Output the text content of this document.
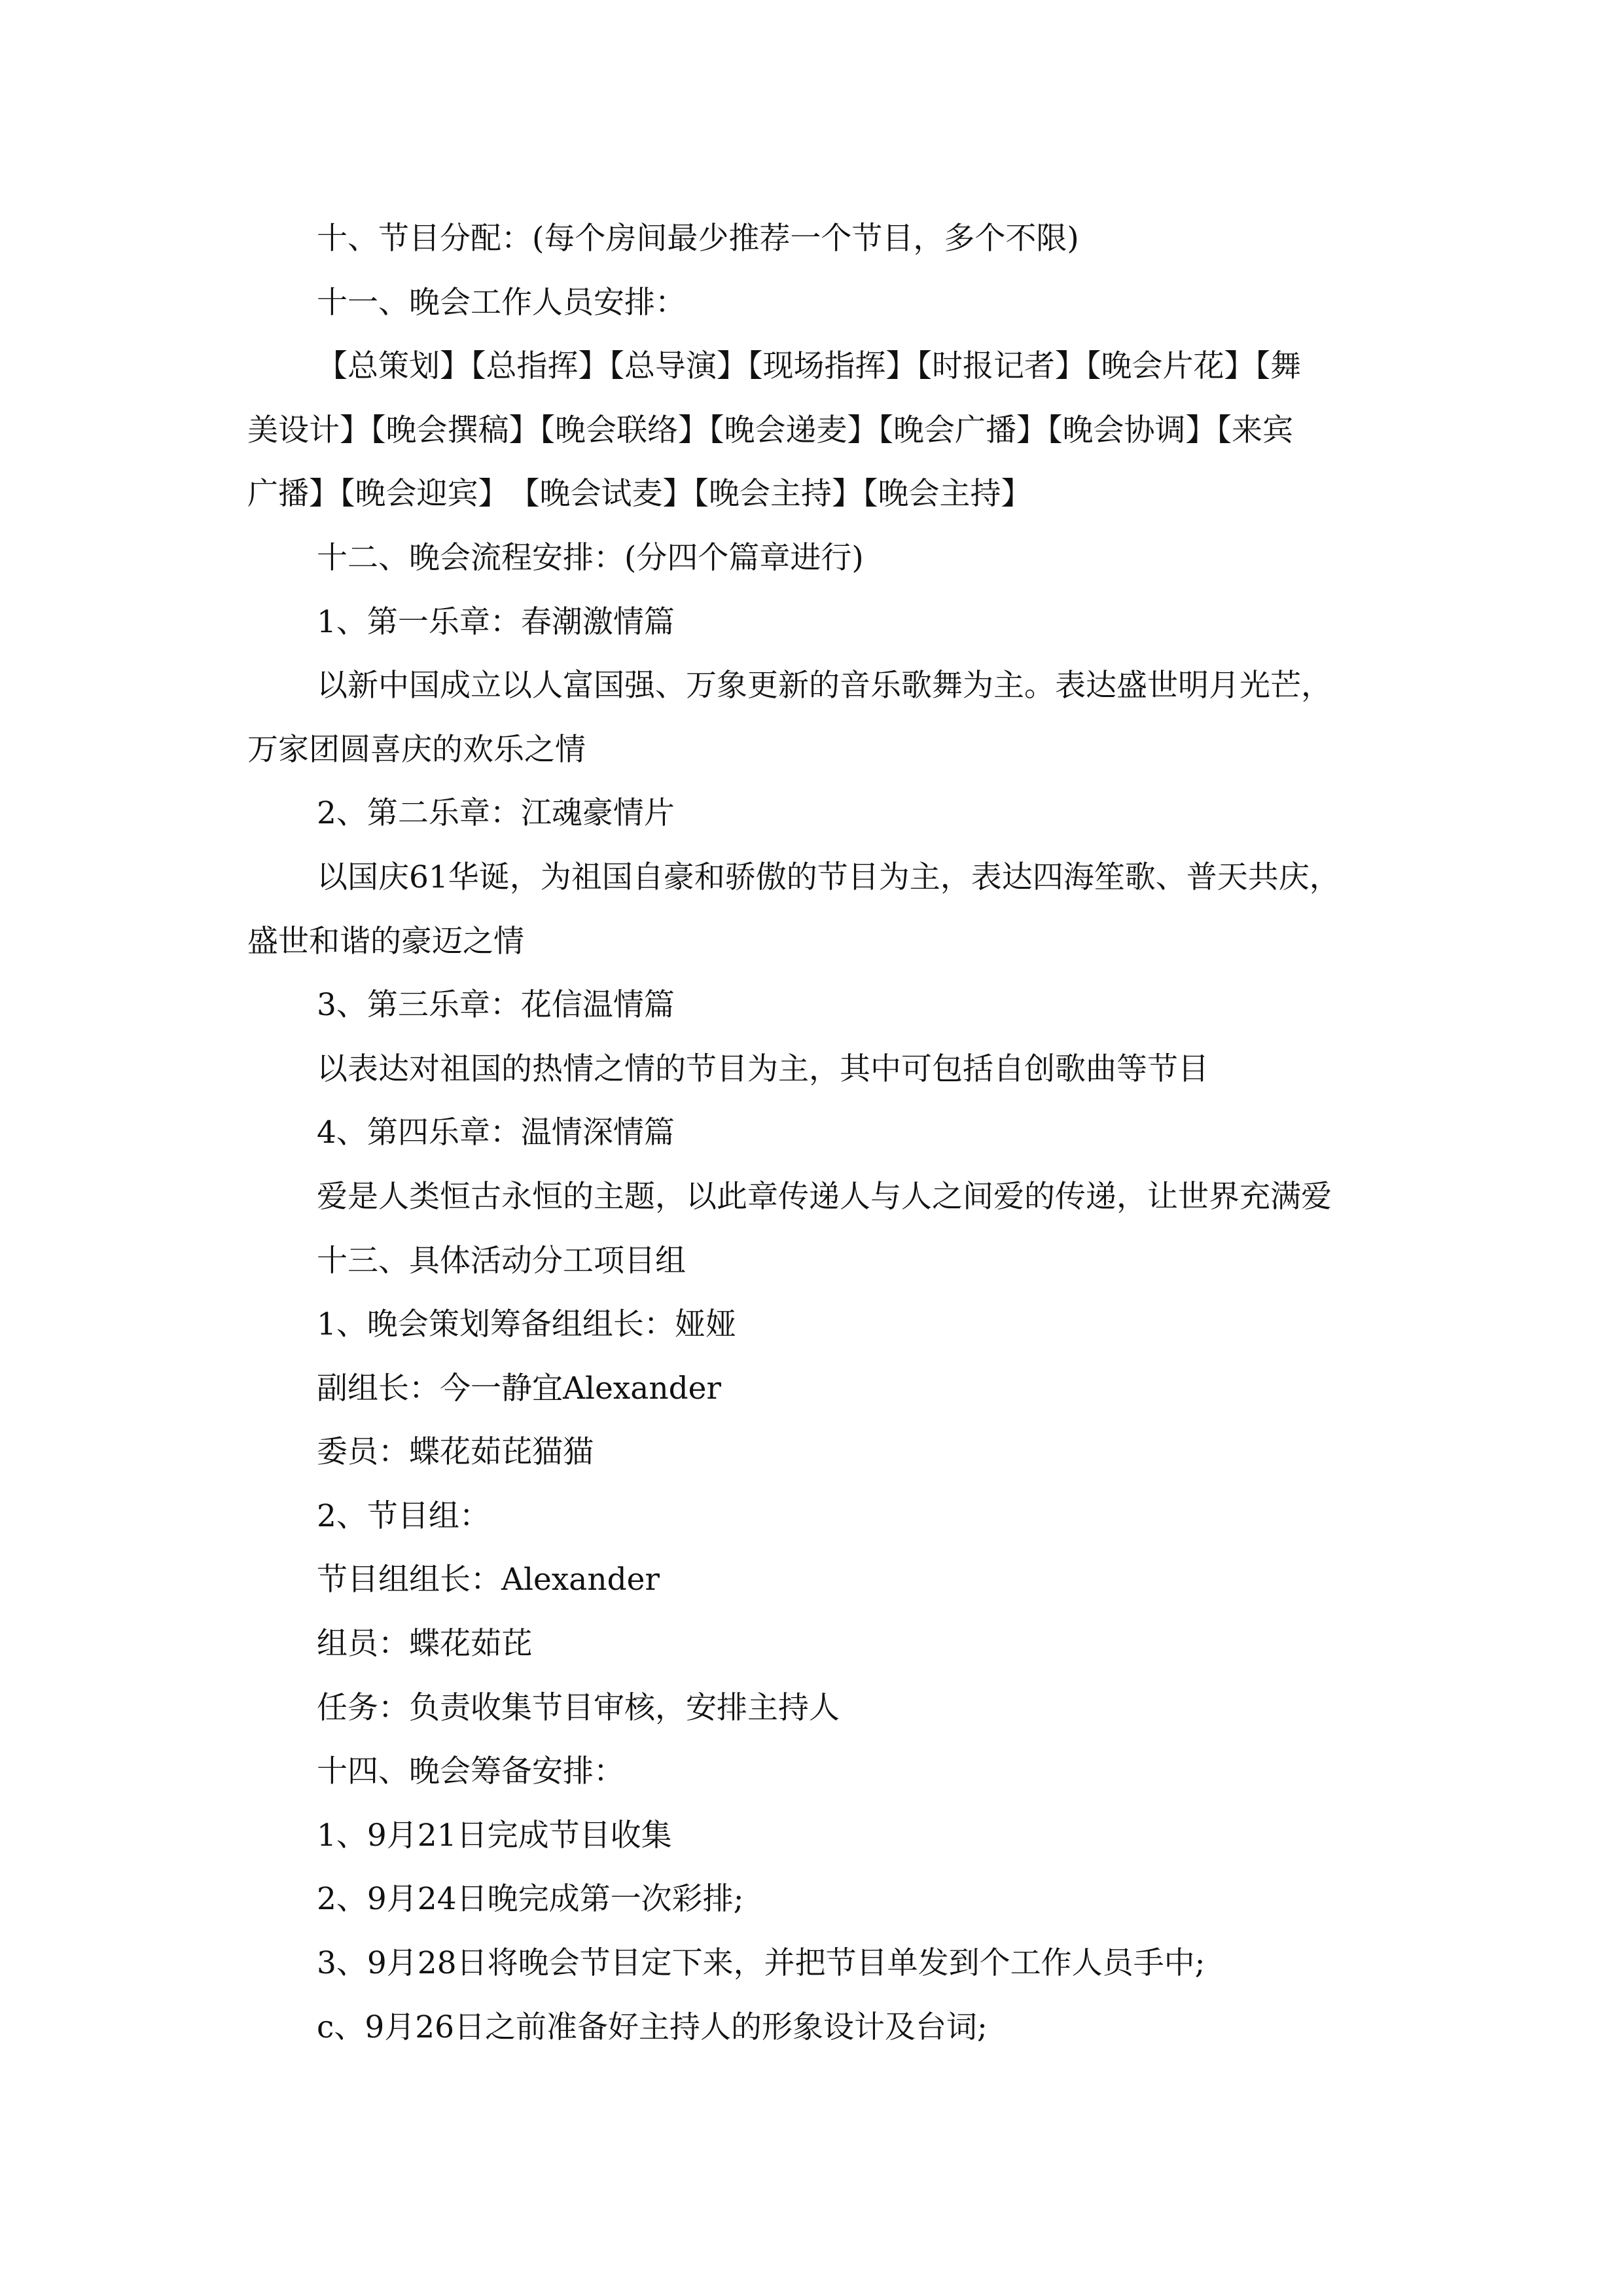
十、节目分配：(每个房间最少推荐一个节目，多个不限)
十一、晚会工作人员安排：
【总策划】【总指挥】【总导演】【现场指挥】【时报记者】【晚会片花】【舞
美设计】【晚会撰稿】【晚会联络】【晚会递麦】【晚会广播】【晚会协调】【来宾
广播】【晚会迎宾】　【晚会试麦】【晚会主持】【晚会主持】
十二、晚会流程安排：(分四个篇章进行)
1、第一乐章：春潮激情篇
以新中国成立以人富国强、万象更新的音乐歌舞为主。表达盛世明月光芒，
万家团圆喜庆的欢乐之情
2、第二乐章：江魂豪情片
以国庆61华诞，为祖国自豪和骄傲的节目为主，表达四海笙歌、普天共庆，
盛世和谐的豪迈之情
3、第三乐章：花信温情篇
以表达对祖国的热情之情的节目为主，其中可包括自创歌曲等节目
4、第四乐章：温情深情篇
爱是人类恒古永恒的主题，以此章传递人与人之间爱的传递，让世界充满爱
十三、具体活动分工项目组
1、晚会策划筹备组组长：娅娅
副组长：今一静宜Alexander
委员：蝶花茹芘猫猫
2、节目组：
节目组组长：Alexander
组员：蝶花茹芘
任务：负责收集节目审核，安排主持人
十四、晚会筹备安排：
1、9月21日完成节目收集
2、9月24日晚完成第一次彩排;
3、9月28日将晚会节目定下来，并把节目单发到个工作人员手中;
c、9月26日之前准备好主持人的形象设计及台词;
